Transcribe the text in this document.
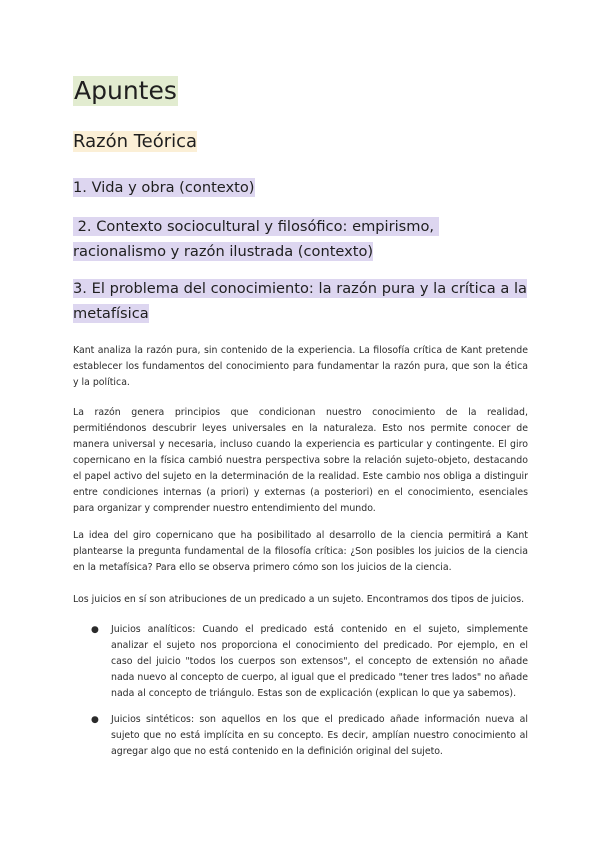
Apuntes
Razón Teórica
1. Vida y obra (contexto)
2. Contexto sociocultural y filosófico: empirismo, racionalismo y razón ilustrada (contexto)
3. El problema del conocimiento: la razón pura y la crítica a la metafísica

Kant analiza la razón pura, sin contenido de la experiencia. La filosofía crítica de Kant pretende establecer los fundamentos del conocimiento para fundamentar la razón pura, que son la ética y la política.

La razón genera principios que condicionan nuestro conocimiento de la realidad, permitiéndonos descubrir leyes universales en la naturaleza. Esto nos permite conocer de manera universal y necesaria, incluso cuando la experiencia es particular y contingente. El giro copernicano en la física cambió nuestra perspectiva sobre la relación sujeto-objeto, destacando el papel activo del sujeto en la determinación de la realidad. Este cambio nos obliga a distinguir entre condiciones internas (a priori) y externas (a posteriori) en el conocimiento, esenciales para organizar y comprender nuestro entendimiento del mundo.

La idea del giro copernicano que ha posibilitado al desarrollo de la ciencia permitirá a Kant plantearse la pregunta fundamental de la filosofía crítica: ¿Son posibles los juicios de la ciencia en la metafísica? Para ello se observa primero cómo son los juicios de la ciencia.

Los juicios en sí son atribuciones de un predicado a un sujeto. Encontramos dos tipos de juicios.

● Juicios analíticos: Cuando el predicado está contenido en el sujeto, simplemente analizar el sujeto nos proporciona el conocimiento del predicado. Por ejemplo, en el caso del juicio "todos los cuerpos son extensos", el concepto de extensión no añade nada nuevo al concepto de cuerpo, al igual que el predicado "tener tres lados" no añade nada al concepto de triángulo. Estas son de explicación (explican lo que ya sabemos).
● Juicios sintéticos: son aquellos en los que el predicado añade información nueva al sujeto que no está implícita en su concepto. Es decir, amplían nuestro conocimiento al agregar algo que no está contenido en la definición original del sujeto.
